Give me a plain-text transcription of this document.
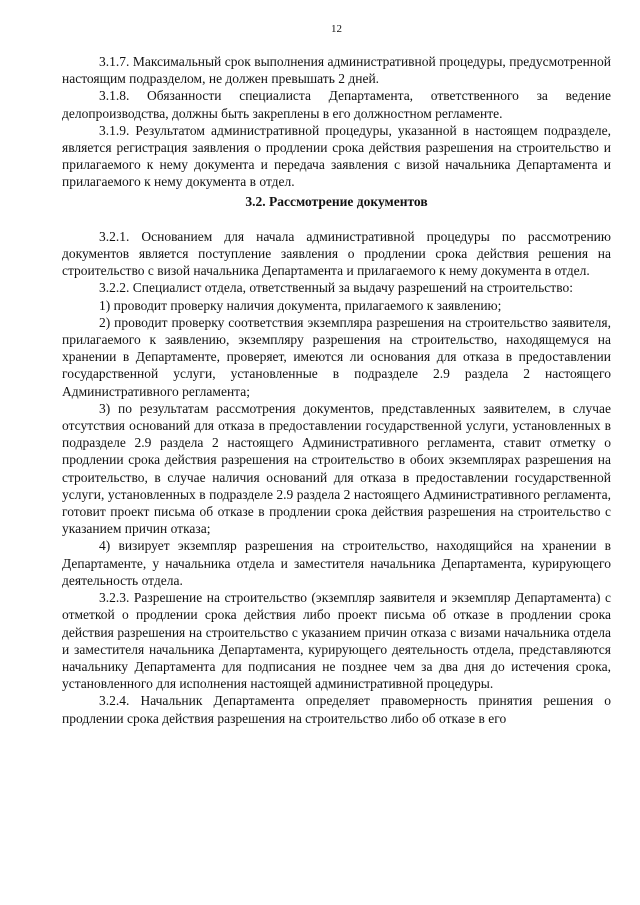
12

3.1.7. Максимальный срок выполнения административной процедуры, предусмотренной настоящим подразделом, не должен превышать 2 дней.

3.1.8. Обязанности специалиста Департамента, ответственного за ведение делопроизводства, должны быть закреплены в его должностном регламенте.

3.1.9. Результатом административной процедуры, указанной в настоящем подразделе, является регистрация заявления о продлении срока действия разрешения на строительство и прилагаемого к нему документа и передача заявления с визой начальника Департамента и прилагаемого к нему документа в отдел.

3.2. Рассмотрение документов

3.2.1. Основанием для начала административной процедуры по рассмотрению документов является поступление заявления о продлении срока действия решения на строительство с визой начальника Департамента и прилагаемого к нему документа в отдел.

3.2.2. Специалист отдела, ответственный за выдачу разрешений на строительство:

1) проводит проверку наличия документа, прилагаемого к заявлению;

2) проводит проверку соответствия экземпляра разрешения на строительство заявителя, прилагаемого к заявлению, экземпляру разрешения на строительство, находящемуся на хранении в Департаменте, проверяет, имеются ли основания для отказа в предоставлении государственной услуги, установленные в подразделе 2.9 раздела 2 настоящего Административного регламента;

3) по результатам рассмотрения документов, представленных заявителем, в случае отсутствия оснований для отказа в предоставлении государственной услуги, установленных в подразделе 2.9 раздела 2 настоящего Административного регламента, ставит отметку о продлении срока действия разрешения на строительство в обоих экземплярах разрешения на строительство, в случае наличия оснований для отказа в предоставлении государственной услуги, установленных в подразделе 2.9 раздела 2 настоящего Административного регламента, готовит проект письма об отказе в продлении срока действия разрешения на строительство с указанием причин отказа;

4) визирует экземпляр разрешения на строительство, находящийся на хранении в Департаменте, у начальника отдела и заместителя начальника Департамента, курирующего деятельность отдела.

3.2.3. Разрешение на строительство (экземпляр заявителя и экземпляр Департамента) с отметкой о продлении срока действия либо проект письма об отказе в продлении срока действия разрешения на строительство с указанием причин отказа с визами начальника отдела и заместителя начальника Департамента, курирующего деятельность отдела, представляются начальнику Департамента для подписания не позднее чем за два дня до истечения срока, установленного для исполнения настоящей административной процедуры.

3.2.4. Начальник Департамента определяет правомерность принятия решения о продлении срока действия разрешения на строительство либо об отказе в его
